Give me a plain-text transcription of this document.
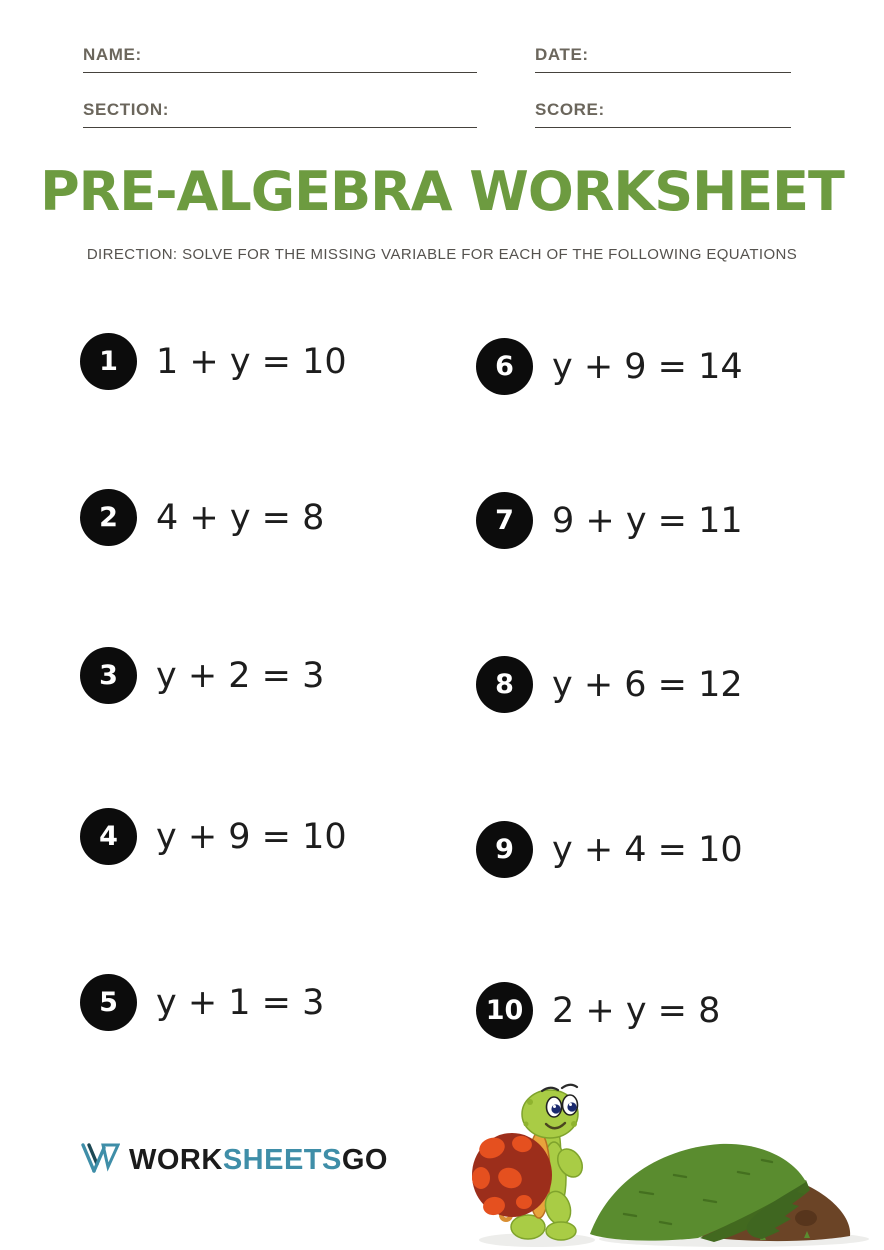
NAME:	DATE:
SECTION:	SCORE:
PRE-ALGEBRA WORKSHEET
DIRECTION: SOLVE FOR THE MISSING VARIABLE FOR EACH OF THE FOLLOWING EQUATIONS
1	1 + y = 10
2	4 + y = 8
3	y + 2 = 3
4	y + 9 = 10
5	y + 1 = 3
6	y + 9 = 14
7	9 + y = 11
8	y + 6 = 12
9	y + 4 = 10
10 2 + y = 8
WORKSHEETSGO
